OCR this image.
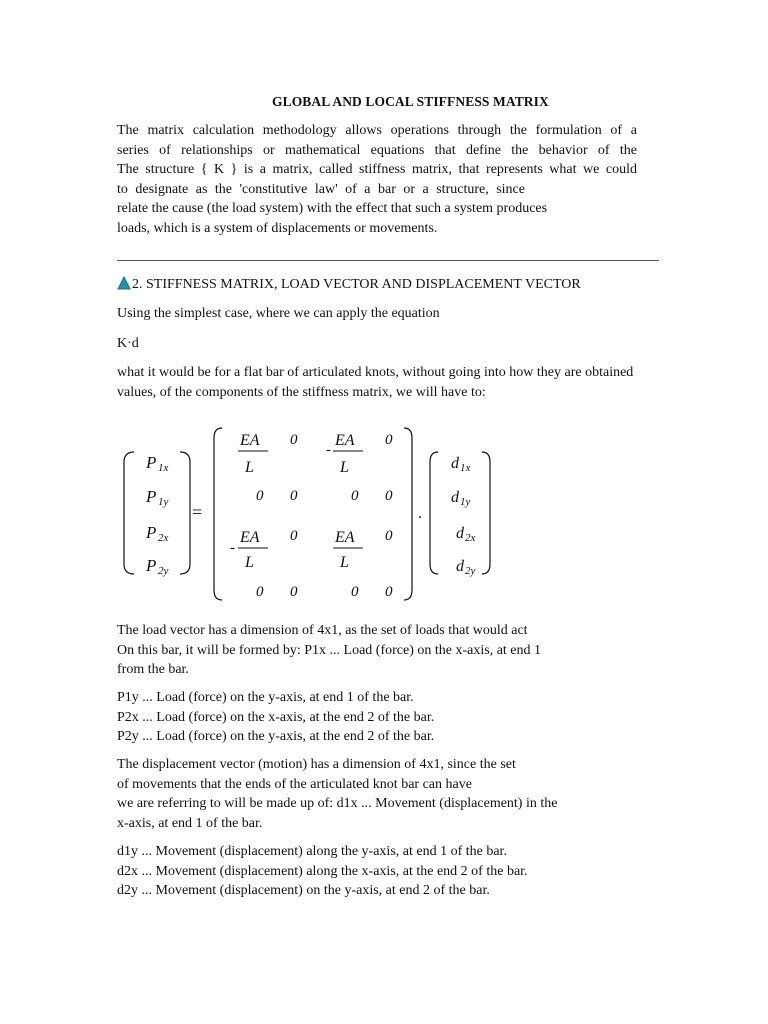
GLOBAL AND LOCAL STIFFNESS MATRIX

The matrix calculation methodology allows operations through the formulation of a
series of relationships or mathematical equations that define the behavior of the
The structure { K } is a matrix, called stiffness matrix, that represents what we could
to designate as the 'constitutive law' of a bar or a structure, since
relate the cause (the load system) with the effect that such a system produces
loads, which is a system of displacements or movements.

2. STIFFNESS MATRIX, LOAD VECTOR AND DISPLACEMENT VECTOR
Using the simplest case, where we can apply the equation
K·d

what it would be for a flat bar of articulated knots, without going into how they are obtained
values, of the components of the stiffness matrix, we will have to:

P 1x
P 1y
P 2x
P 2y
=
EA
L
0
-
EA
L
0
0 0	0 0
-
EA
L
0 EA
L
0
0 0	0 0
.
d 1x
d 1y
d 2x
d 2y

The load vector has a dimension of 4x1, as the set of loads that would act
On this bar, it will be formed by: P1x ... Load (force) on the x-axis, at end 1
from the bar.

P1y ... Load (force) on the y-axis, at end 1 of the bar.
P2x ... Load (force) on the x-axis, at the end 2 of the bar.
P2y ... Load (force) on the y-axis, at the end 2 of the bar.

The displacement vector (motion) has a dimension of 4x1, since the set
of movements that the ends of the articulated knot bar can have
we are referring to will be made up of: d1x ... Movement (displacement) in the
x-axis, at end 1 of the bar.

d1y ... Movement (displacement) along the y-axis, at end 1 of the bar.
d2x ... Movement (displacement) along the x-axis, at the end 2 of the bar.
d2y ... Movement (displacement) on the y-axis, at end 2 of the bar.
